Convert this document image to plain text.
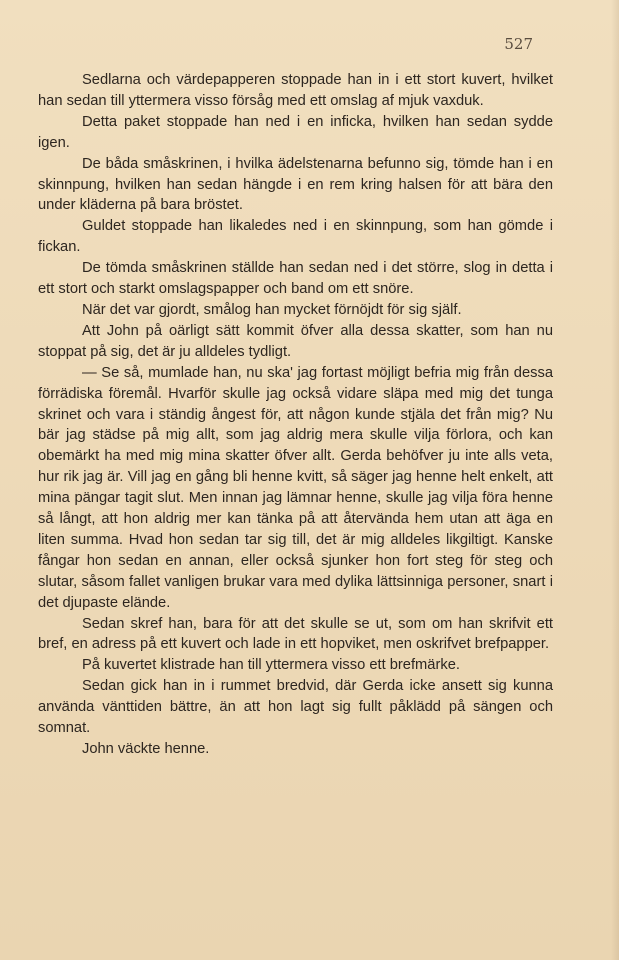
527

Sedlarna och värdepapperen stoppade han in i ett stort kuvert, hvilket han sedan till yttermera visso försåg med ett omslag af mjuk vaxduk.

Detta paket stoppade han ned i en inficka, hvilken han sedan sydde igen.

De båda småskrinen, i hvilka ädelstenarna befunno sig, tömde han i en skinnpung, hvilken han sedan hängde i en rem kring halsen för att bära den under kläderna på bara bröstet.

Guldet stoppade han likaledes ned i en skinnpung, som han gömde i fickan.

De tömda småskrinen ställde han sedan ned i det större, slog in detta i ett stort och starkt omslagspapper och band om ett snöre.

När det var gjordt, smålog han mycket förnöjdt för sig själf.

Att John på oärligt sätt kommit öfver alla dessa skatter, som han nu stoppat på sig, det är ju alldeles tydligt.

— Se så, mumlade han, nu ska' jag fortast möjligt befria mig från dessa förrädiska föremål. Hvarför skulle jag också vidare släpa med mig det tunga skrinet och vara i ständig ångest för, att någon kunde stjäla det från mig? Nu bär jag städse på mig allt, som jag aldrig mera skulle vilja förlora, och kan obemärkt ha med mig mina skatter öfver allt. Gerda behöfver ju inte alls veta, hur rik jag är. Vill jag en gång bli henne kvitt, så säger jag henne helt enkelt, att mina pängar tagit slut. Men innan jag lämnar henne, skulle jag vilja föra henne så långt, att hon aldrig mer kan tänka på att återvända hem utan att äga en liten summa. Hvad hon sedan tar sig till, det är mig alldeles likgiltigt. Kanske fångar hon sedan en annan, eller också sjunker hon fort steg för steg och slutar, såsom fallet vanligen brukar vara med dylika lättsinniga personer, snart i det djupaste elände.

Sedan skref han, bara för att det skulle se ut, som om han skrifvit ett bref, en adress på ett kuvert och lade in ett hopviket, men oskrifvet brefpapper.

På kuvertet klistrade han till yttermera visso ett brefmärke.

Sedan gick han in i rummet bredvid, där Gerda icke ansett sig kunna använda vänttiden bättre, än att hon lagt sig fullt påklädd på sängen och somnat.

John väckte henne.
